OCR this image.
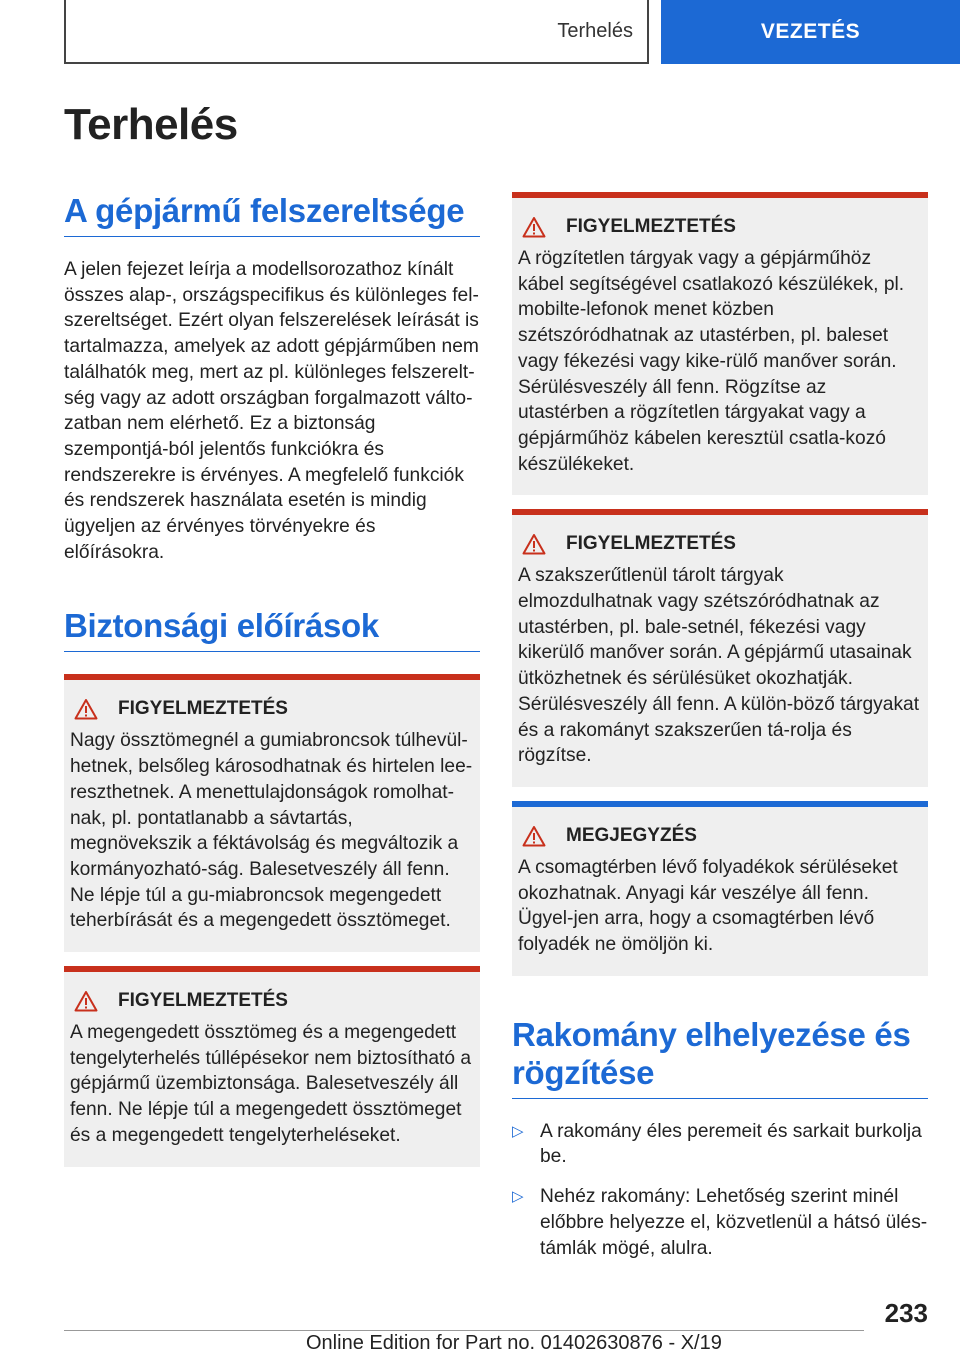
Terhelés	VEZETÉS
Terhelés
A gépjármű felszereltsége

A jelen fejezet leírja a modellsorozathoz kínált összes alap-, országspecifikus és különleges fel-szereltséget. Ezért olyan felszerelések leírását is tartalmazza, amelyek az adott gépjárműben nem találhatók meg, mert az pl. különleges felszerelt-ség vagy az adott országban forgalmazott válto-zatban nem elérhető. Ez a biztonság szempontjá-ból jelentős funkciókra és rendszerekre is érvényes. A megfelelő funkciók és rendszerek használata esetén is mindig ügyeljen az érvényes törvényekre és előírásokra.

Biztonsági előírások
FIGYELMEZTETÉS

Nagy össztömegnél a gumiabroncsok túlhevül-hetnek, belsőleg károsodhatnak és hirtelen lee-reszthetnek. A menettulajdonságok romolhat-nak, pl. pontatlanabb a sávtartás, megnövekszik a féktávolság és megváltozik a kormányozható-ság. Balesetveszély áll fenn. Ne lépje túl a gu-miabroncsok megengedett teherbírását és a megengedett össztömeget.

FIGYELMEZTETÉS

A megengedett össztömeg és a megengedett tengelyterhelés túllépésekor nem biztosítható a gépjármű üzembiztonsága. Balesetveszély áll fenn. Ne lépje túl a megengedett össztömeget és a megengedett tengelyterheléseket.

FIGYELMEZTETÉS

A rögzítetlen tárgyak vagy a gépjárműhöz kábel segítségével csatlakozó készülékek, pl. mobilte-lefonok menet közben szétszóródhatnak az utastérben, pl. baleset vagy fékezési vagy kike-rülő manőver során. Sérülésveszély áll fenn. Rögzítse az utastérben a rögzítetlen tárgyakat vagy a gépjárműhöz kábelen keresztül csatla-kozó készülékeket.

FIGYELMEZTETÉS

A szakszerűtlenül tárolt tárgyak elmozdulhatnak vagy szétszóródhatnak az utastérben, pl. bale-setnél, fékezési vagy kikerülő manőver során. A gépjármű utasainak ütközhetnek és sérülésüket okozhatják. Sérülésveszély áll fenn. A külön-böző tárgyakat és a rakományt szakszerűen tá-rolja és rögzítse.

MEGJEGYZÉS

A csomagtérben lévő folyadékok sérüléseket okozhatnak. Anyagi kár veszélye áll fenn. Ügyel-jen arra, hogy a csomagtérben lévő folyadék ne ömöljön ki.

Rakomány elhelyezése és rögzítése
▷ A rakomány éles peremeit és sarkait burkolja be.
▷ Nehéz rakomány: Lehetőség szerint minél előbbre helyezze el, közvetlenül a hátsó ülés-támlák mögé, alulra.
233
Online Edition for Part no. 01402630876 - X/19
